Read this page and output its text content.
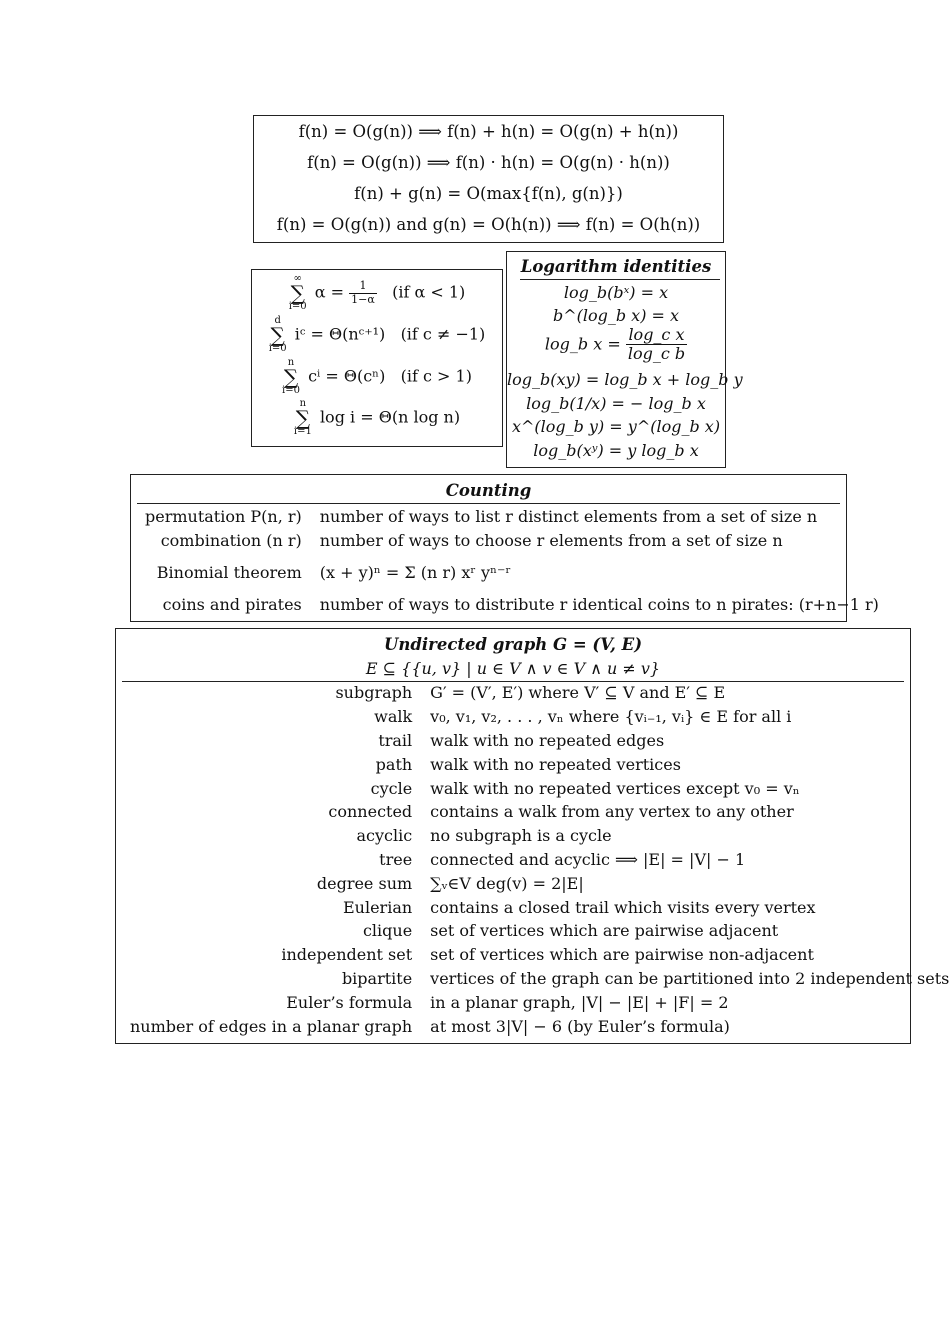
f(n) = O(g(n)) ⟹ f(n) + h(n) = O(g(n) + h(n))
f(n) = O(g(n)) ⟹ f(n) · h(n) = O(g(n) · h(n))
f(n) + g(n) = O(max{f(n), g(n)})
f(n) = O(g(n)) and g(n) = O(h(n)) ⟹ f(n) = O(h(n))
∞
∑
i=0
$\alpha = \frac{1}{1-\alpha} (if$ α < 1)
d
∑
i=0
iᶜ = Θ(nᶜ⁺¹) (if c ≠ −1)
n
∑
i=0
cⁱ = Θ(cⁿ) (if c > 1)
n
∑
i=1
log i = Θ(n log n)
Logarithm identities
log_b(bˣ) = x
b^(log_b x) = x
log_b $x = \frac{\text{log\_c x}}{\text{log\_c b}}$
log_b(xy) = log_b x + log_b y
log_b(1/x) = − log_b x
x^(log_b y) = y^(log_b x)
log_b(xʸ) = y log_b x
Counting
permutation P(n, r)	number of ways to list r distinct elements from a set of size n
combination (n r)	number of ways to choose r elements from a set of size n
Binomial theorem	(x + y)ⁿ = Σ (n r) xʳ yⁿ⁻ʳ
coins and pirates	number of ways to distribute r identical coins to n pirates: (r+n−1 r)
Undirected graph G = (V, E)
E ⊆ {{u, v} | u ∈ V ∧ v ∈ V ∧ u ≠ v}
subgraph	G′ = (V′, E′) where V′ ⊆ V and E′ ⊆ E
walk	v₀, v₁, v₂, . . . , vₙ where {vᵢ₋₁, vᵢ} ∈ E for all i
trail	walk with no repeated edges
path	walk with no repeated vertices
cycle	walk with no repeated vertices except v₀ = vₙ
connected	contains a walk from any vertex to any other
acyclic	no subgraph is a cycle
tree	connected and acyclic ⟹ |E| = |V| − 1
degree sum	∑ᵥ∈V deg(v) = 2|E|
Eulerian	contains a closed trail which visits every vertex
clique	set of vertices which are pairwise adjacent
independent set	set of vertices which are pairwise non-adjacent
bipartite	vertices of the graph can be partitioned into 2 independent sets
Euler’s formula	in a planar graph, |V| − |E| + |F| = 2
number of edges in a planar graph	at most 3|V| − 6 (by Euler’s formula)
